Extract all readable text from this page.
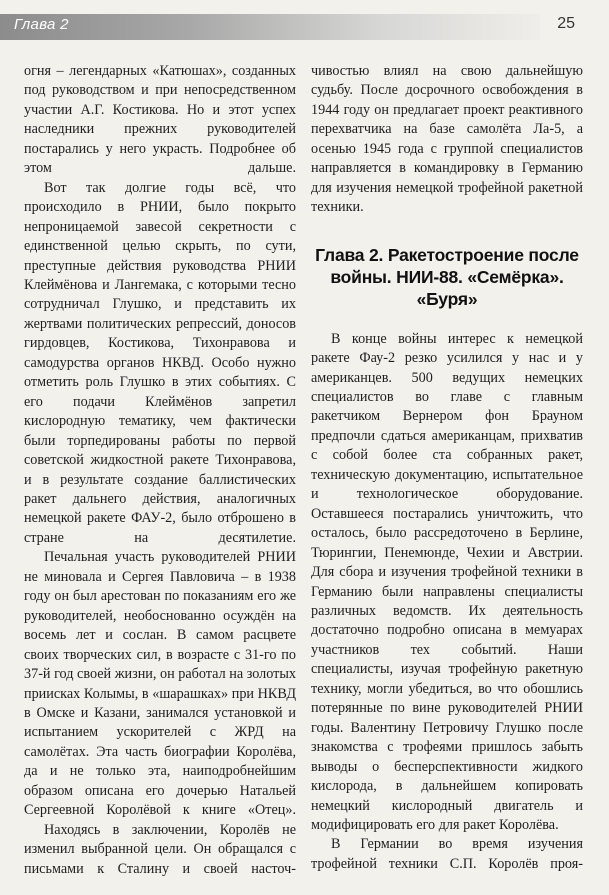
Глава 2	25

огня – легендарных «Катюшах», созданных под руководством и при непосредственном участии А.Г. Костикова. Но и этот успех наследники прежних руководителей постарались у него украсть. Подробнее об этом дальше.

Вот так долгие годы всё, что происходило в РНИИ, было покрыто непроницаемой завесой секретности с единственной целью скрыть, по сути, преступные действия руководства РНИИ Клеймёнова и Лангемака, с которыми тесно сотрудничал Глушко, и представить их жертвами политических репрессий, доносов гирдовцев, Костикова, Тихонравова и самодурства органов НКВД. Особо нужно отметить роль Глушко в этих событиях. С его подачи Клеймёнов запретил кислородную тематику, чем фактически были торпедированы работы по первой советской жидкостной ракете Тихонравова, и в результате создание баллистических ракет дальнего действия, аналогичных немецкой ракете ФАУ-2, было отброшено в стране на десятилетие.

Печальная участь руководителей РНИИ не миновала и Сергея Павловича – в 1938 году он был арестован по показаниям его же руководителей, необоснованно осуждён на восемь лет и сослан. В самом расцвете своих творческих сил, в возрасте с 31-го по 37-й год своей жизни, он работал на золотых приисках Колымы, в «шарашках» при НКВД в Омске и Казани, занимался установкой и испытанием ускорителей с ЖРД на самолётах. Эта часть биографии Королёва, да и не только эта, наиподробнейшим образом описана его дочерью Натальей Сергеевной Королёвой к книге «Отец».

Находясь в заключении, Королёв не изменил выбранной цели. Он обращался с письмами к Сталину и своей насточ-

чивостью влиял на свою дальнейшую судьбу. После досрочного освобождения в 1944 году он предлагает проект реактивного перехватчика на базе самолёта Ла-5, а осенью 1945 года с группой специалистов направляется в командировку в Германию для изучения немецкой трофейной ракетной техники.

Глава 2. Ракетостроение после
войны. НИИ-88. «Семёрка».
«Буря»

В конце войны интерес к немецкой ракете Фау-2 резко усилился у нас и у американцев. 500 ведущих немецких специалистов во главе с главным ракетчиком Вернером фон Брауном предпочли сдаться американцам, прихватив с собой более ста собранных ракет, техническую документацию, испытательное и технологическое оборудование. Оставшееся постарались уничтожить, что осталось, было рассредоточено в Берлине, Тюрингии, Пенемюнде, Чехии и Австрии. Для сбора и изучения трофейной техники в Германию были направлены специалисты различных ведомств. Их деятельность достаточно подробно описана в мемуарах участников тех событий. Наши специалисты, изучая трофейную ракетную технику, могли убедиться, во что обошлись потерянные по вине руководителей РНИИ годы. Валентину Петровичу Глушко после знакомства с трофеями пришлось забыть выводы о бесперспективности жидкого кислорода, в дальнейшем копировать немецкий кислородный двигатель и модифицировать его для ракет Королёва.

В Германии во время изучения трофейной техники С.П. Королёв проя-
